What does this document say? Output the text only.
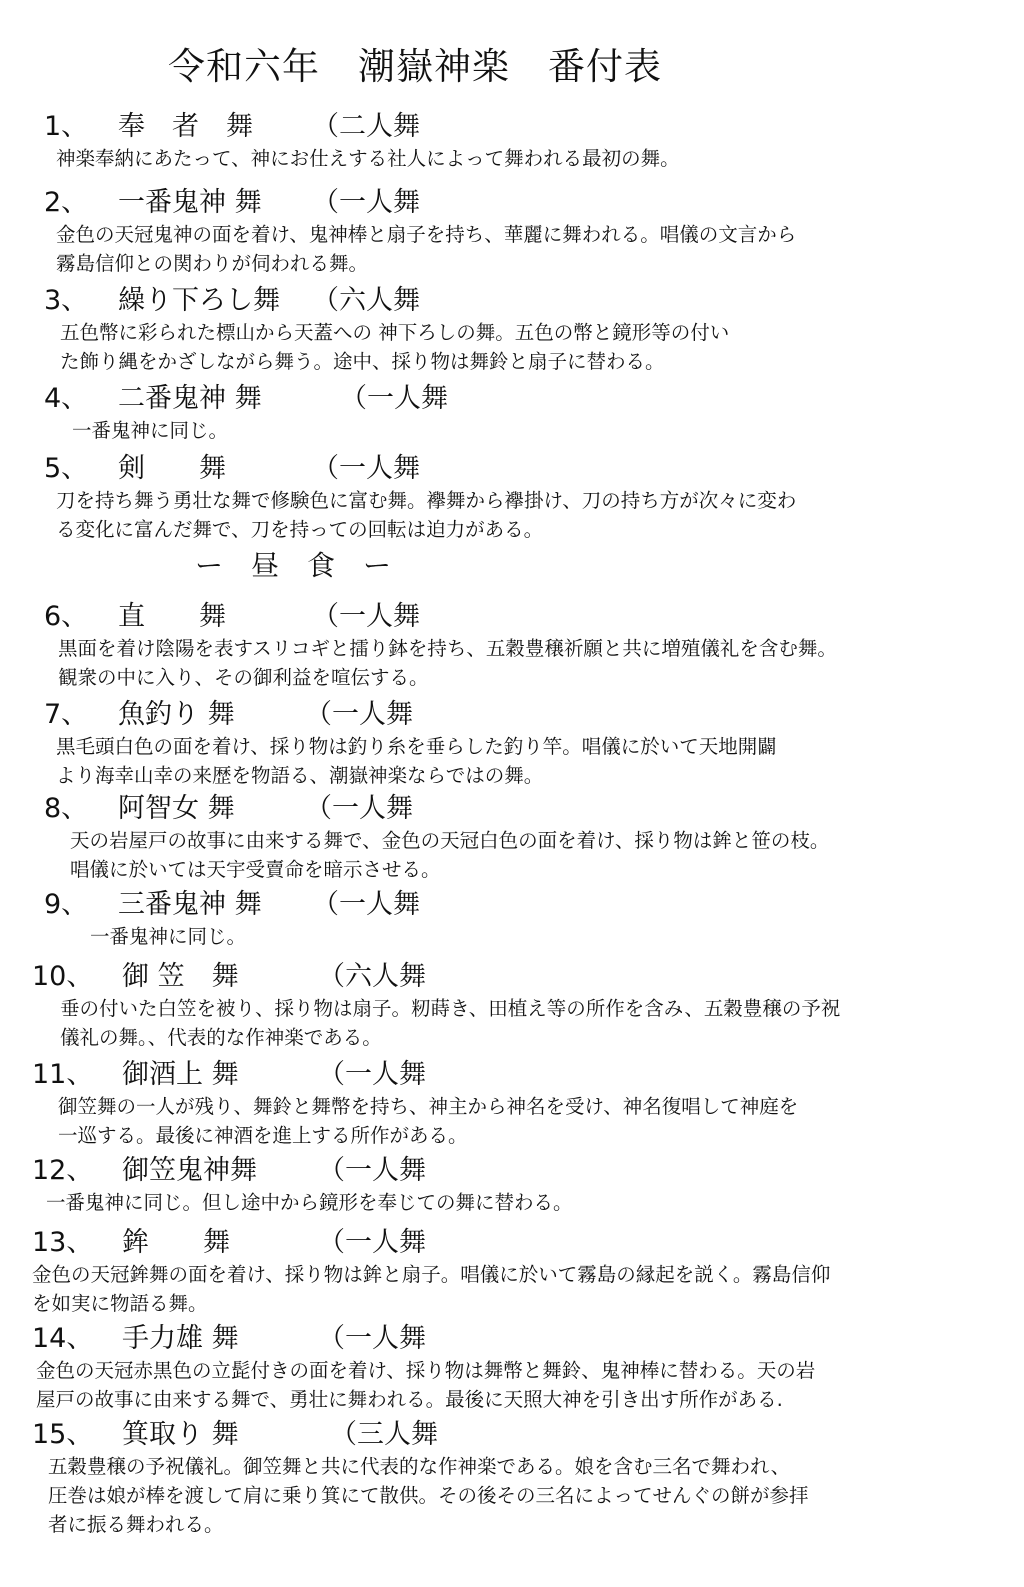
令和六年　潮嶽神楽　番付表
1、 奉　者　舞 （二人舞
神楽奉納にあたって、神にお仕えする社人によって舞われる最初の舞。
2、 一番鬼神 舞 （一人舞
金色の天冠鬼神の面を着け、鬼神棒と扇子を持ち、華麗に舞われる。唱儀の文言から
霧島信仰との関わりが伺われる舞。
3、 繰り下ろし舞 （六人舞
五色幣に彩られた標山から天蓋への 神下ろしの舞。五色の幣と鏡形等の付い
た飾り縄をかざしながら舞う。途中、採り物は舞鈴と扇子に替わる。
4、 二番鬼神 舞	（一人舞
一番鬼神に同じ。
5、 剣　　舞	（一人舞
刀を持ち舞う勇壮な舞で修験色に富む舞。襷舞から襷掛け、刀の持ち方が次々に変わ
る変化に富んだ舞で、刀を持っての回転は迫力がある。
ー　昼　食　ー
6、 直　　舞	（一人舞
黒面を着け陰陽を表すスリコギと擂り鉢を持ち、五穀豊穣祈願と共に増殖儀礼を含む舞。
観衆の中に入り、その御利益を喧伝する。
7、 魚釣り 舞	（一人舞
黒毛頭白色の面を着け、採り物は釣り糸を垂らした釣り竿。唱儀に於いて天地開闢
より海幸山幸の来歴を物語る、潮嶽神楽ならではの舞。
8、 阿智女 舞	（一人舞
天の岩屋戸の故事に由来する舞で、金色の天冠白色の面を着け、採り物は鉾と笹の枝。
唱儀に於いては天宇受賣命を暗示させる。
9、 三番鬼神 舞 （一人舞
一番鬼神に同じ。
10、 御 笠　舞	（六人舞
垂の付いた白笠を被り、採り物は扇子。籾蒔き、田植え等の所作を含み、五穀豊穣の予祝
儀礼の舞。、代表的な作神楽である。
11、 御酒上 舞	（一人舞
御笠舞の一人が残り、舞鈴と舞幣を持ち、神主から神名を受け、神名復唱して神庭を
一巡する。最後に神酒を進上する所作がある。
12、 御笠鬼神舞 （一人舞
一番鬼神に同じ。但し途中から鏡形を奉じての舞に替わる。
13、 鉾　　舞	（一人舞
金色の天冠鉾舞の面を着け、採り物は鉾と扇子。唱儀に於いて霧島の縁起を説く。霧島信仰
を如実に物語る舞。
14、 手力雄 舞	（一人舞
金色の天冠赤黒色の立髭付きの面を着け、採り物は舞幣と舞鈴、鬼神棒に替わる。天の岩
屋戸の故事に由来する舞で、勇壮に舞われる。最後に天照大神を引き出す所作がある.
15、 箕取り 舞	（三人舞
五穀豊穣の予祝儀礼。御笠舞と共に代表的な作神楽である。娘を含む三名で舞われ、
圧巻は娘が棒を渡して肩に乗り箕にて散供。その後その三名によってせんぐの餅が参拝
者に振る舞われる。
